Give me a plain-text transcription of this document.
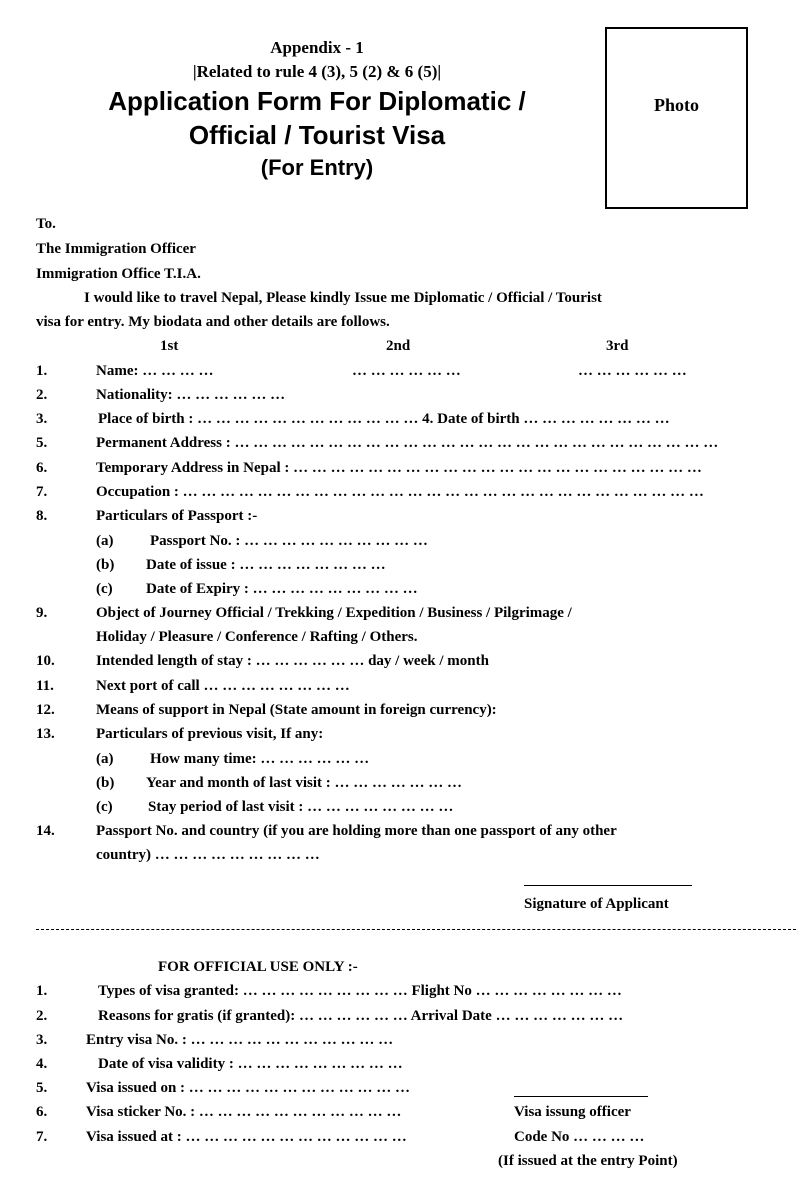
Appendix - 1
|Related to rule 4 (3), 5 (2) & 6 (5)|
Application Form For Diplomatic /
Official / Tourist Visa
(For Entry)
Photo
To.
The Immigration Officer
Immigration Office T.I.A.
I would like to travel Nepal, Please kindly Issue me Diplomatic / Official / Tourist
visa for entry. My biodata and other details are follows.
1st	2nd	3rd
1.	Name: … … … …	… … … … … …	… … … … … …
2.	Nationality: … … … … … …
3.	Place of birth : … … … … … … … … … … … … 4. Date of birth … … … … … … … …
5.	Permanent Address : … … … … … … … … … … … … … … … … … … … … … … … … … …
6.	Temporary Address in Nepal : … … … … … … … … … … … … … … … … … … … … … …
7.	Occupation : … … … … … … … … … … … … … … … … … … … … … … … … … … … …
8.	Particulars of Passport :-
(a) Passport No. : … … … … … … … … … …
(b) Date of issue : … … … … … … … …
(c) Date of Expiry : … … … … … … … … …
9.	Object of Journey Official / Trekking / Expedition / Business / Pilgrimage /
Holiday / Pleasure / Conference / Rafting / Others.
10.	Intended length of stay : … … … … … … day / week / month
11.	Next port of call … … … … … … … …
12.	Means of support in Nepal (State amount in foreign currency):
13.	Particulars of previous visit, If any:
(a) How many time: … … … … … …
(b) Year and month of last visit : … … … … … … …
(c) Stay period of last visit : … … … … … … … …
14.	Passport No. and country (if you are holding more than one passport of any other
country) … … … … … … … … …
Signature of Applicant
FOR OFFICIAL USE ONLY :-
1.	Types of visa granted: … … … … … … … … … Flight No … … … … … … … …
2.	Reasons for gratis (if granted): … … … … … … Arrival Date … … … … … … …
3.	Entry visa No. : … … … … … … … … … … …
4.	Date of visa validity : … … … … … … … … …
5.	Visa issued on : … … … … … … … … … … … …
6.	Visa sticker No. : … … … … … … … … … … …	Visa issung officer
7.	Visa issued at : … … … … … … … … … … … …	Code No … … … …
(If issued at the entry Point)
